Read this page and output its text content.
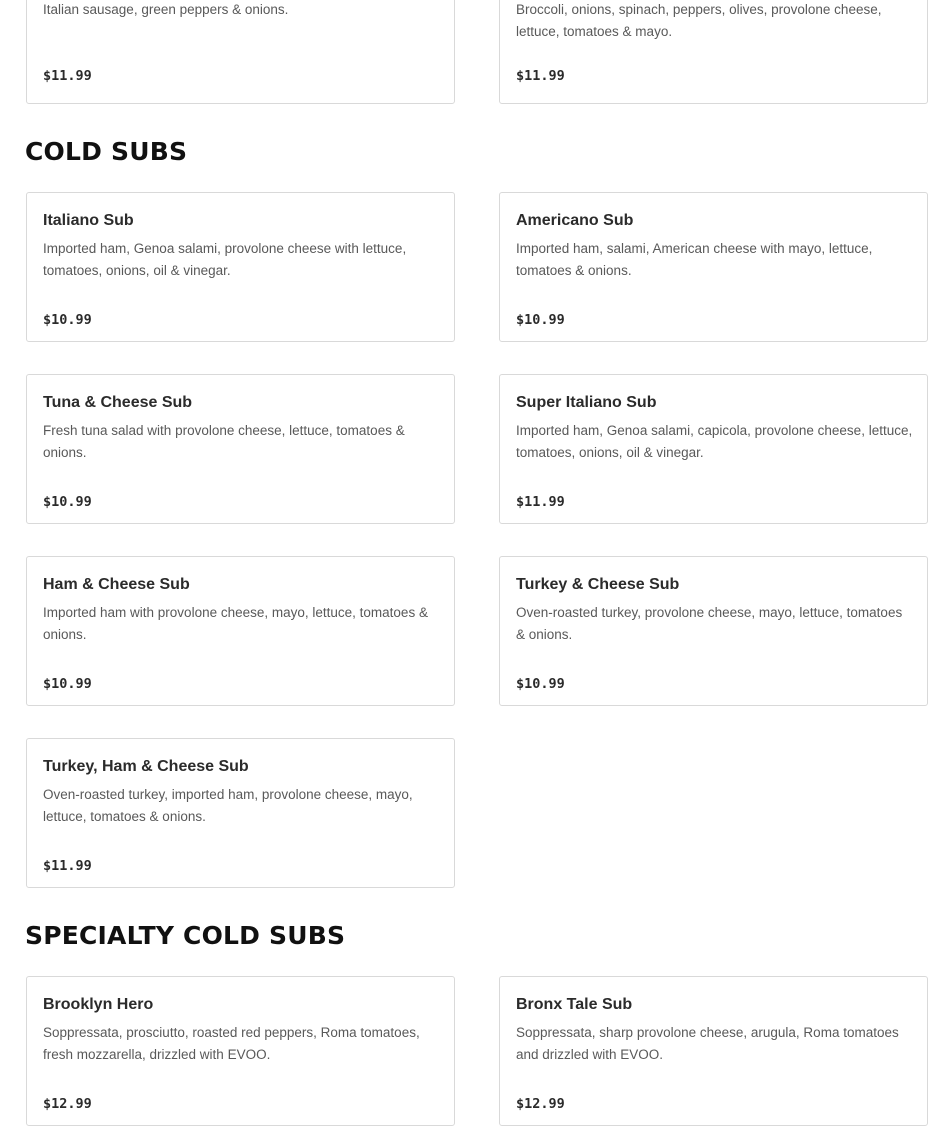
Italian sausage, green peppers & onions.
$11.99
Broccoli, onions, spinach, peppers, olives, provolone cheese, lettuce, tomatoes & mayo.
$11.99
COLD SUBS
Italiano Sub
Imported ham, Genoa salami, provolone cheese with lettuce, tomatoes, onions, oil & vinegar.
$10.99
Americano Sub
Imported ham, salami, American cheese with mayo, lettuce, tomatoes & onions.
$10.99
Tuna & Cheese Sub
Fresh tuna salad with provolone cheese, lettuce, tomatoes & onions.
$10.99
Super Italiano Sub
Imported ham, Genoa salami, capicola, provolone cheese, lettuce, tomatoes, onions, oil & vinegar.
$11.99
Ham & Cheese Sub
Imported ham with provolone cheese, mayo, lettuce, tomatoes & onions.
$10.99
Turkey & Cheese Sub
Oven-roasted turkey, provolone cheese, mayo, lettuce, tomatoes & onions.
$10.99
Turkey, Ham & Cheese Sub
Oven-roasted turkey, imported ham, provolone cheese, mayo, lettuce, tomatoes & onions.
$11.99
SPECIALTY COLD SUBS
Brooklyn Hero
Soppressata, prosciutto, roasted red peppers, Roma tomatoes, fresh mozzarella, drizzled with EVOO.
$12.99
Bronx Tale Sub
Soppressata, sharp provolone cheese, arugula, Roma tomatoes and drizzled with EVOO.
$12.99
